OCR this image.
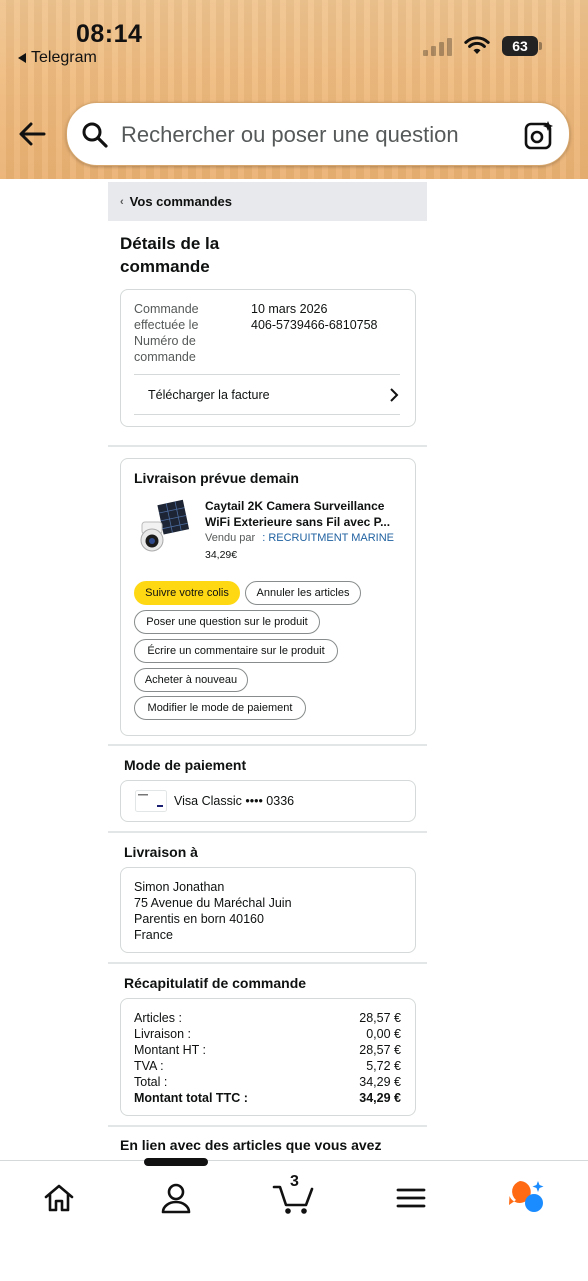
08:14
Telegram
63
Rechercher ou poser une question
‹ Vos commandes
Détails de la commande
Commande effectuée le
10 mars 2026
Numéro de commande
406-5739466-6810758
Télécharger la facture
Livraison prévue demain
Caytail 2K Camera Surveillance WiFi Exterieure sans Fil avec P...
Vendu par : RECRUITMENT MARINE
34,29€
Suivre votre colis	Annuler les articles
Poser une question sur le produit
Écrire un commentaire sur le produit
Acheter à nouveau
Modifier le mode de paiement
Mode de paiement
Visa Classic •••• 0336
Livraison à
Simon Jonathan
75 Avenue du Maréchal Juin
Parentis en born 40160
France
Récapitulatif de commande
Articles :	28,57 €
Livraison :	0,00 €
Montant HT :	28,57 €
TVA :	5,72 €
Total :	34,29 €
Montant total TTC :	34,29 €
En lien avec des articles que vous avez
3
